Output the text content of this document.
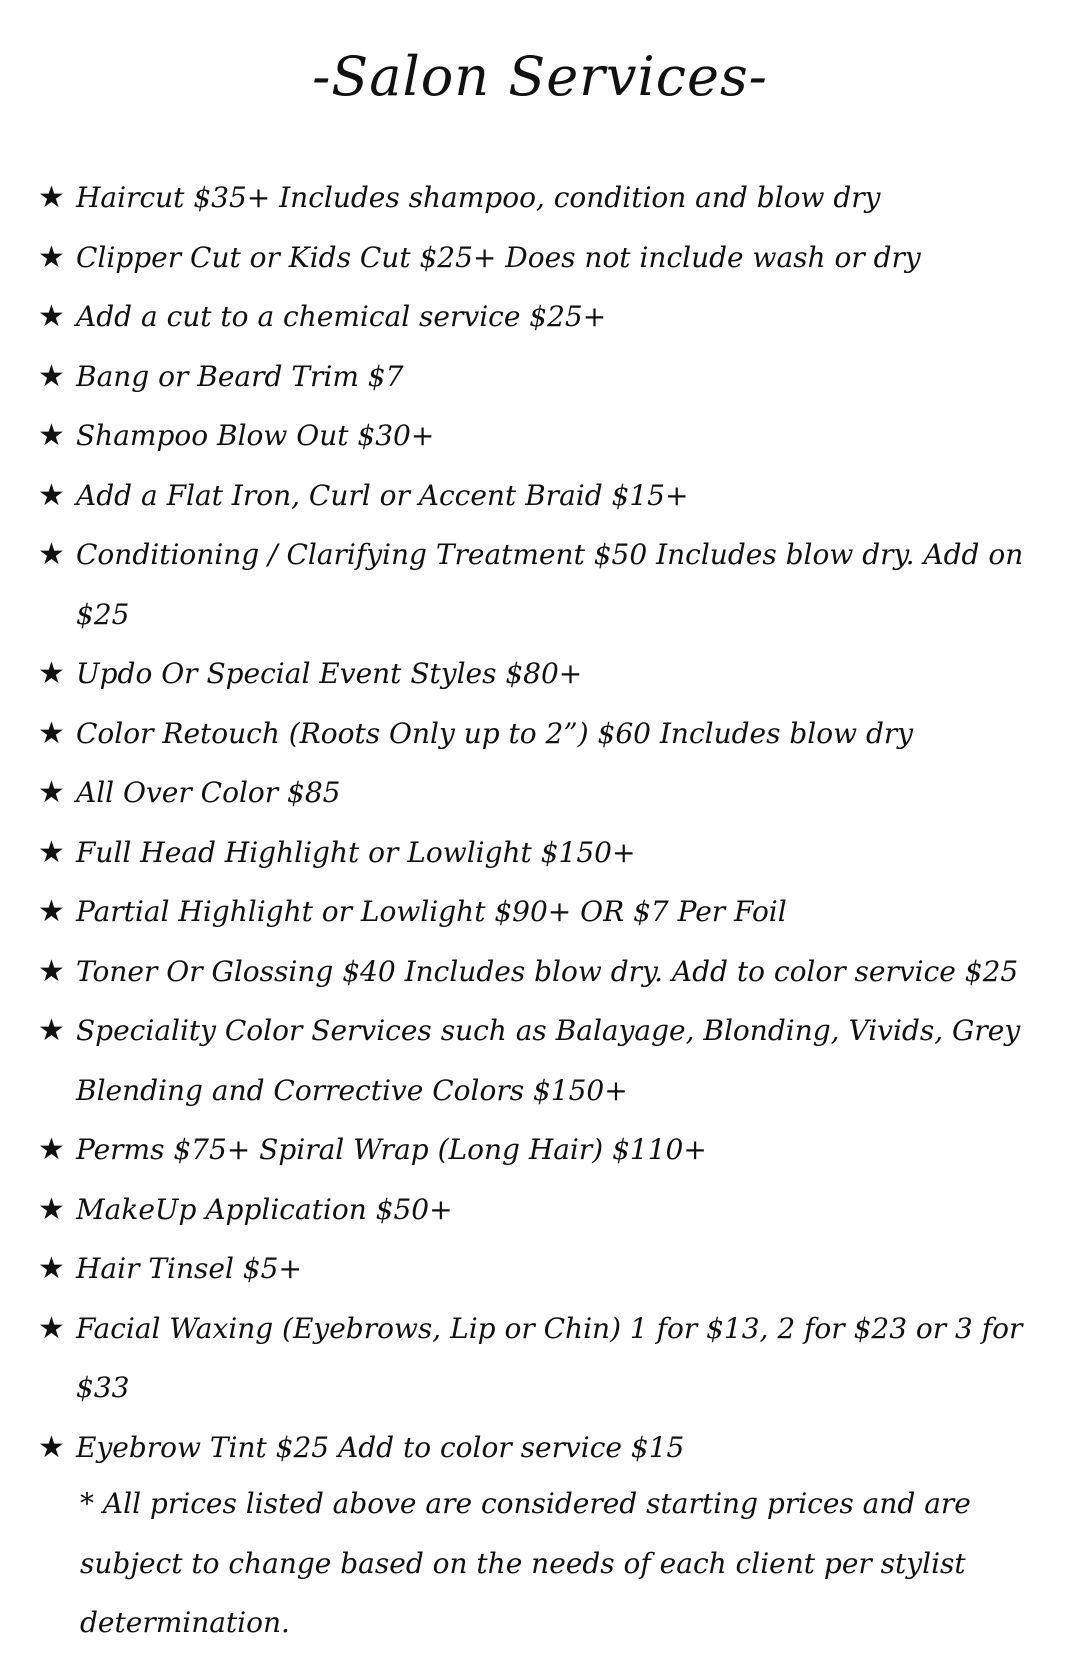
-Salon Services-
★ Haircut $35+ Includes shampoo, condition and blow dry
★ Clipper Cut or Kids Cut $25+ Does not include wash or dry
★ Add a cut to a chemical service $25+
★ Bang or Beard Trim $7
★ Shampoo Blow Out $30+
★ Add a Flat Iron, Curl or Accent Braid $15+
★ Conditioning / Clarifying Treatment $50 Includes blow dry. Add on $25
★ Updo Or Special Event Styles $80+
★ Color Retouch (Roots Only up to 2”) $60 Includes blow dry
★ All Over Color $85
★ Full Head Highlight or Lowlight $150+
★ Partial Highlight or Lowlight $90+ OR $7 Per Foil
★ Toner Or Glossing $40 Includes blow dry. Add to color service $25
★ Speciality Color Services such as Balayage, Blonding, Vivids, Grey Blending and Corrective Colors $150+
★ Perms $75+ Spiral Wrap (Long Hair) $110+
★ MakeUp Application $50+
★ Hair Tinsel $5+
★ Facial Waxing (Eyebrows, Lip or Chin) 1 for $13, 2 for $23 or 3 for $33
★ Eyebrow Tint $25 Add to color service $15
* All prices listed above are considered starting prices and are subject to change based on the needs of each client per stylist determination.
